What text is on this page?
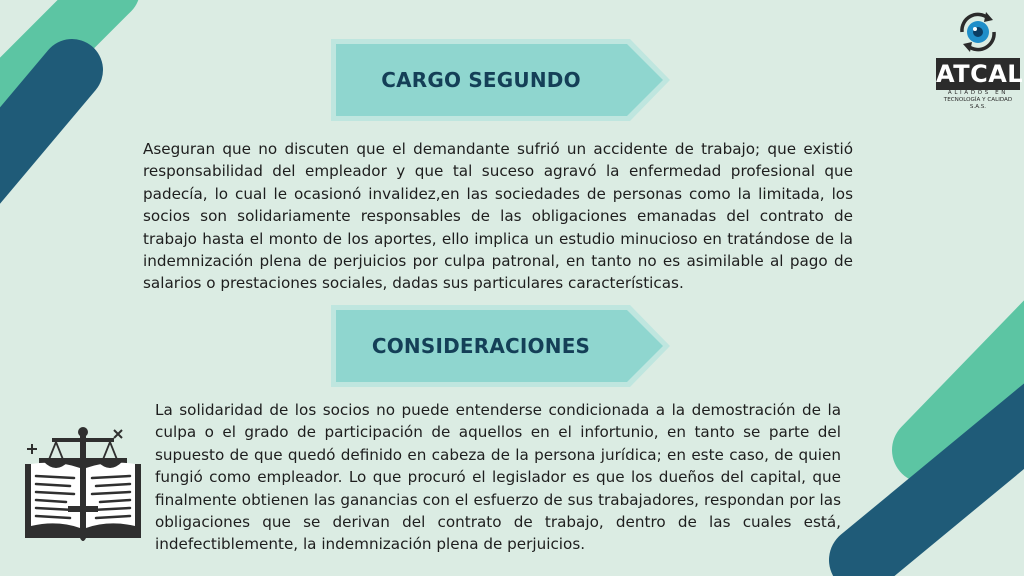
ATCAL
ALIADOS EN
TECNOLOGÍA Y CALIDAD S.A.S.
CARGO SEGUNDO

Aseguran que no discuten que el demandante sufrió un accidente de trabajo; que existió responsabilidad del empleador y que tal suceso agravó la enfermedad profesional que padecía, lo cual le ocasionó invalidez,en las sociedades de personas como la limitada, los socios son solidariamente responsables de las obligaciones emanadas del contrato de trabajo hasta el monto de los aportes, ello implica un estudio minucioso en tratándose de la indemnización plena de perjuicios por culpa patronal, en tanto no es asimilable al pago de salarios o prestaciones sociales, dadas sus particulares características.

CONSIDERACIONES

La solidaridad de los socios no puede entenderse condicionada a la demostración de la culpa o el grado de participación de aquellos en el infortunio, en tanto se parte del supuesto de que quedó definido en cabeza de la persona jurídica; en este caso, de quien fungió como empleador. Lo que procuró el legislador es que los dueños del capital, que finalmente obtienen las ganancias con el esfuerzo de sus trabajadores, respondan por las obligaciones que se derivan del contrato de trabajo, dentro de las cuales está, indefectiblemente, la indemnización plena de perjuicios.
